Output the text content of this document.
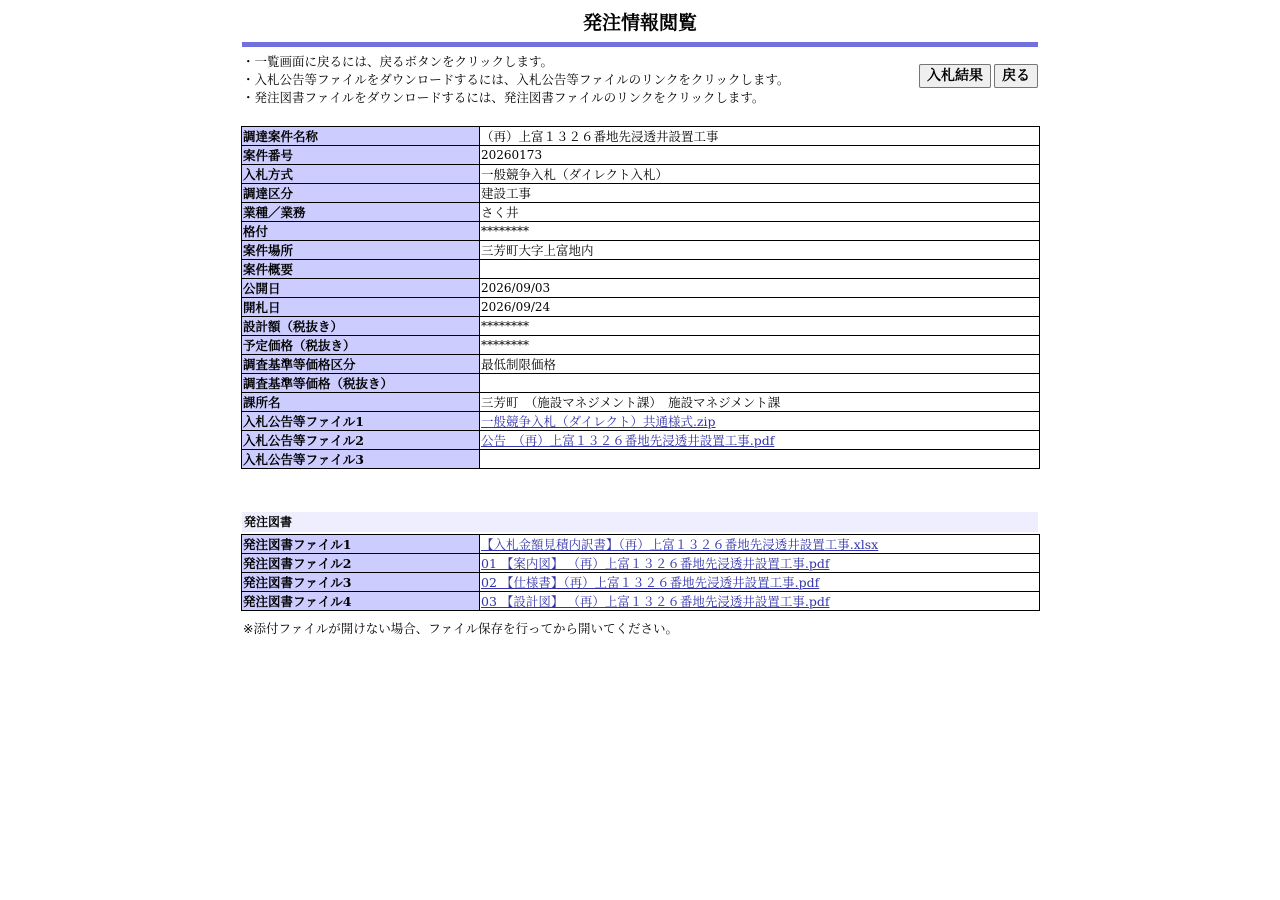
発注情報閲覧
・一覧画面に戻るには、戻るボタンをクリックします。
・入札公告等ファイルをダウンロードするには、入札公告等ファイルのリンクをクリックします。
・発注図書ファイルをダウンロードするには、発注図書ファイルのリンクをクリックします。
入札結果	戻る
調達案件名称	（再）上富１３２６番地先浸透井設置工事
案件番号	20260173
入札方式	一般競争入札（ダイレクト入札）
調達区分	建設工事
業種／業務	さく井
格付	********
案件場所	三芳町大字上富地内
案件概要	
公開日	2026/09/03
開札日	2026/09/24
設計額（税抜き）	********
予定価格（税抜き）	********
調査基準等価格区分	最低制限価格
調査基準等価格（税抜き）	
課所名	三芳町　（施設マネジメント課）　施設マネジメント課
入札公告等ファイル1	一般競争入札（ダイレクト）共通様式.zip
入札公告等ファイル2	公告　（再）上富１３２６番地先浸透井設置工事.pdf
入札公告等ファイル3	
発注図書
発注図書ファイル1	【入札金額見積内訳書】（再）上富１３２６番地先浸透井設置工事.xlsx
発注図書ファイル2	01 【案内図】 （再）上富１３２６番地先浸透井設置工事.pdf
発注図書ファイル3	02 【仕様書】（再）上富１３２６番地先浸透井設置工事.pdf
発注図書ファイル4	03 【設計図】 （再）上富１３２６番地先浸透井設置工事.pdf
※添付ファイルが開けない場合、ファイル保存を行ってから開いてください。
